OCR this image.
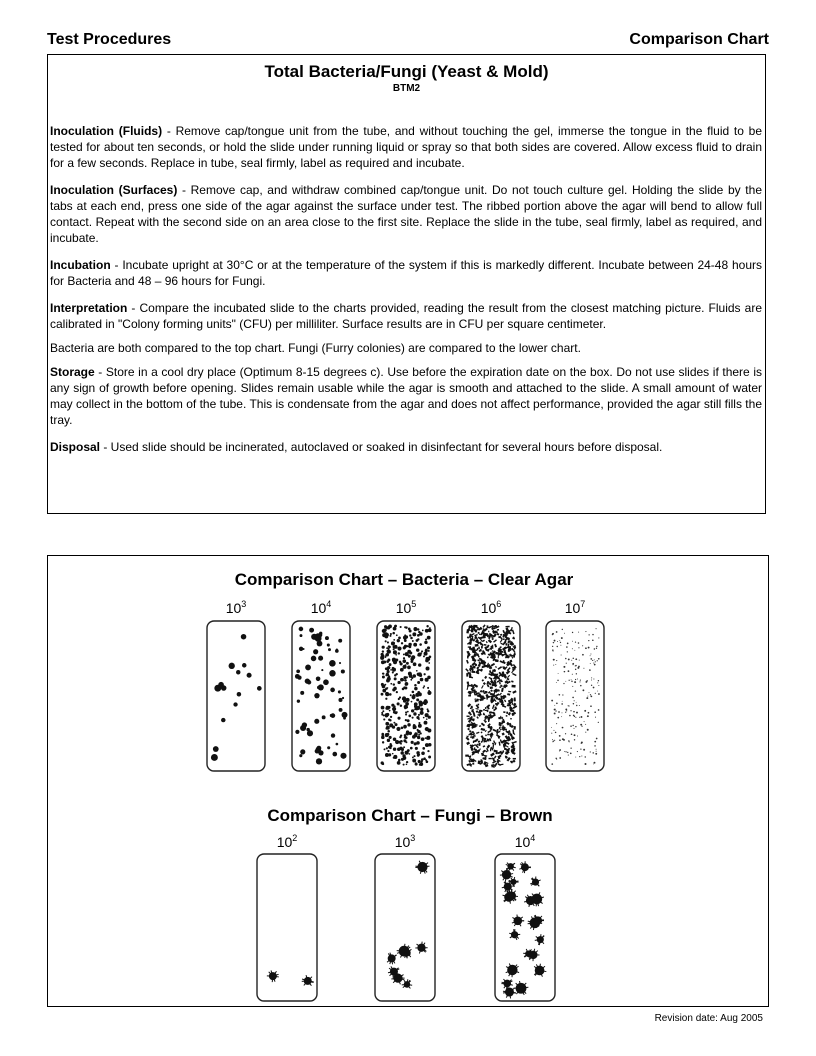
Test Procedures	Comparison Chart
Total Bacteria/Fungi (Yeast & Mold)
BTM2

Inoculation (Fluids) - Remove cap/tongue unit from the tube, and without touching the gel, immerse the tongue in the fluid to be tested for about ten seconds, or hold the slide under running liquid or spray so that both sides are covered. Allow excess fluid to drain for a few seconds. Replace in tube, seal firmly, label as required and incubate.

Inoculation (Surfaces) - Remove cap, and withdraw combined cap/tongue unit. Do not touch culture gel. Holding the slide by the tabs at each end, press one side of the agar against the surface under test. The ribbed portion above the agar will bend to allow full contact. Repeat with the second side on an area close to the first site. Replace the slide in the tube, seal firmly, label as required, and incubate.

Incubation - Incubate upright at 30°C or at the temperature of the system if this is markedly different. Incubate between 24-48 hours for Bacteria and 48 – 96 hours for Fungi.

Interpretation - Compare the incubated slide to the charts provided, reading the result from the closest matching picture. Fluids are calibrated in "Colony forming units" (CFU) per milliliter. Surface results are in CFU per square centimeter.

Bacteria are both compared to the top chart. Fungi (Furry colonies) are compared to the lower chart.

Storage - Store in a cool dry place (Optimum 8-15 degrees c). Use before the expiration date on the box. Do not use slides if there is any sign of growth before opening. Slides remain usable while the agar is smooth and attached to the slide. A small amount of water may collect in the bottom of the tube. This is condensate from the agar and does not affect performance, provided the agar still fills the tray.

Disposal - Used slide should be incinerated, autoclaved or soaked in disinfectant for several hours before disposal.

Comparison Chart – Bacteria – Clear Agar
Comparison Chart – Fungi – Brown
$10^3$	$10^4$	$10^5$	$10^6$	$10^7$
$10^2$	$10^3$	$10^4$
Revision date: Aug 2005
